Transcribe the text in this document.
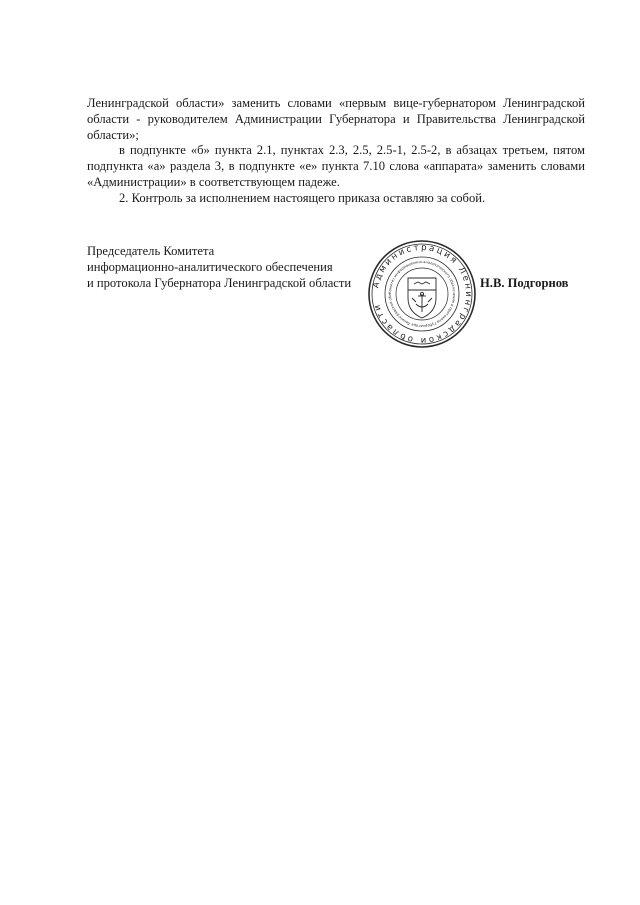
Ленинградской области» заменить словами «первым вице-губернатором Ленинградской области - руководителем Администрации Губернатора и Правительства Ленинградской области»;

в подпункте «б» пункта 2.1, пунктах 2.3, 2.5, 2.5-1, 2.5-2, в абзацах третьем, пятом подпункта «а» раздела 3, в подпункте «е» пункта 7.10 слова «аппарата» заменить словами «Администрации» в соответствующем падеже.

2. Контроль за исполнением настоящего приказа оставляю за собой.

Председатель Комитета
информационно-аналитического обеспечения
и протокола Губернатора Ленинградской области	Администрация Ленинградской области
Комитет информационно-аналитического обеспечения и протокола Губернатора Ленинградской обл
Н.В. Подгорнов
